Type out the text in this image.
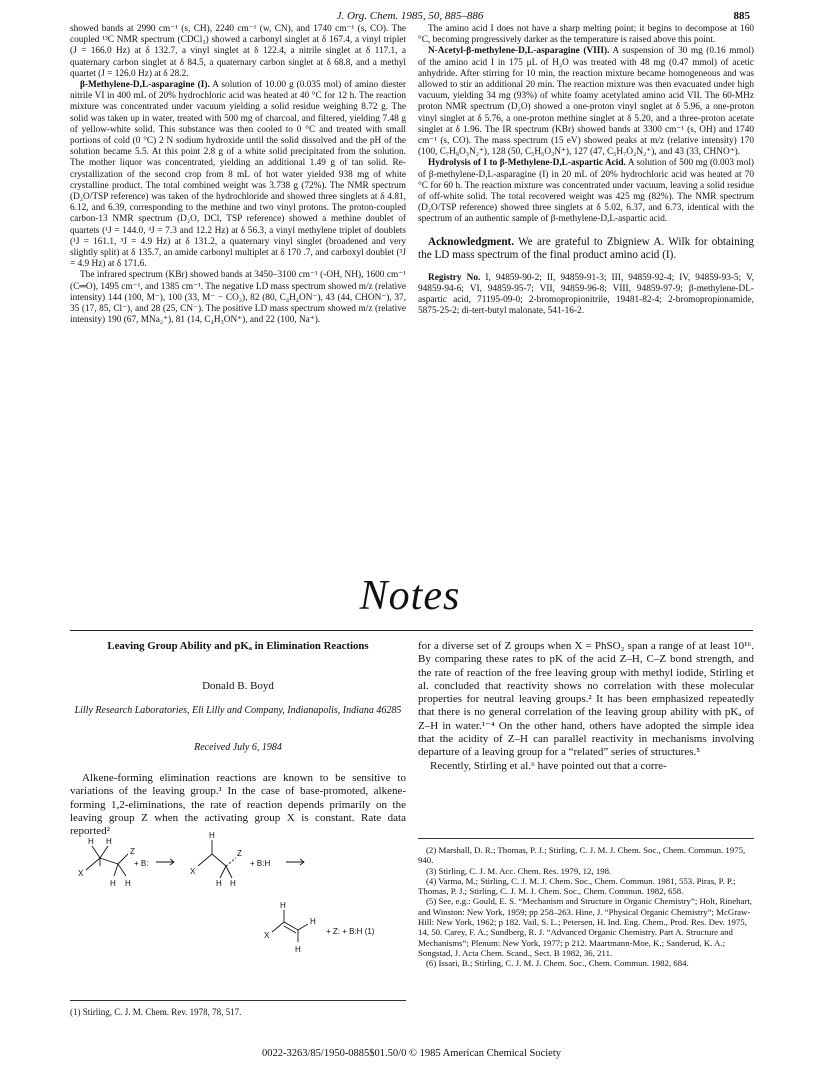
J. Org. Chem. 1985, 50, 885–886	885

showed bands at 2990 cm⁻¹ (s, CH), 2240 cm⁻¹ (w, CN), and 1740 cm⁻¹ (s, CO). The coupled ¹³C NMR spectrum (CDCl₃) showed a carbonyl singlet at δ 167.4, a vinyl triplet (J = 166.0 Hz) at δ 132.7, a vinyl singlet at δ 122.4, a nitrile singlet at δ 117.1, a quaternary carbon singlet at δ 84.5, a quaternary carbon singlet at δ 68.8, and a methyl quartet (J = 126.0 Hz) at δ 28.2.

β-Methylene-D,L-asparagine (I). A solution of 10.00 g (0.035 mol) of amino diester nitrile VI in 400 mL of 20% hydrochloric acid was heated at 40 °C for 12 h. The reaction mixture was concentrated under vacuum yielding a solid residue weighing 8.72 g. The solid was taken up in water, treated with 500 mg of charcoal, and filtered, yielding 7.48 g of yellow-white solid. This substance was then cooled to 0 °C and treated with small portions of cold (0 °C) 2 N sodium hydroxide until the solid dissolved and the pH of the solution became 5.5. At this point 2.8 g of a white solid precipitated from the solution. The mother liquor was concentrated, yielding an additional 1.49 g of tan solid. Re-crystallization of the second crop from 8 mL of hot water yielded 938 mg of white crystalline product. The total combined weight was 3.738 g (72%). The NMR spectrum (D₂O/TSP reference) was taken of the hydrochloride and showed three singlets at δ 4.81, 6.12, and 6.39, corresponding to the methine and two vinyl protons. The proton-coupled carbon-13 NMR spectrum (D₂O, DCl, TSP reference) showed a methine doublet of quartets (¹J = 144.0, ³J = 7.3 and 12.2 Hz) at δ 56.3, a vinyl methylene triplet of doublets (¹J = 161.1, ³J = 4.9 Hz) at δ 131.2, a quaternary vinyl singlet (broadened and very slightly split) at δ 135.7, an amide carbonyl multiplet at δ 170 .7, and carboxyl doublet (³J = 4.9 Hz) at δ 171.6.

The infrared spectrum (KBr) showed bands at 3450–3100 cm⁻¹ (-OH, NH), 1600 cm⁻¹ (C═O), 1495 cm⁻¹, and 1385 cm⁻¹. The negative LD mass spectrum showed m/z (relative intensity) 144 (100, M⁻), 100 (33, M⁻ − CO₂), 82 (80, C₄H₄ON⁻), 43 (44, CHON⁻), 37, 35 (17, 85, Cl⁻), and 28 (25, CN⁻). The positive LD mass spectrum showed m/z (relative intensity) 190 (67, MNa₂⁺), 81 (14, C₄H₃ON⁺), and 22 (100, Na⁺).

The amino acid I does not have a sharp melting point; it begins to decompose at 160 °C, becoming progressively darker as the temperature is raised above this point.

N-Acetyl-β-methylene-D,L-asparagine (VIII). A suspension of 30 mg (0.16 mmol) of the amino acid I in 175 μL of H₂O was treated with 48 mg (0.47 mmol) of acetic anhydride. After stirring for 10 min, the reaction mixture became homogeneous and was allowed to stir an additional 20 min. The reaction mixture was then evacuated under high vacuum, yielding 34 mg (93%) of white foamy acetylated amino acid VII. The 60-MHz proton NMR spectrum (D₂O) showed a one-proton vinyl snglet at δ 5.96, a one-proton vinyl singlet at δ 5.76, a one-proton methine singlet at δ 5.20, and a three-proton acetate singlet at δ 1.96. The IR spectrum (KBr) showed bands at 3300 cm⁻¹ (s, OH) and 1740 cm⁻¹ (s, CO). The mass spectrum (15 eV) showed peaks at m/z (relative intensity) 170 (100, C₇H₈O₃N₂⁺), 128 (50, C₅H₆O₃N⁺), 127 (47, C₅H₇O₂N₂⁺), and 43 (33, CHNO⁺).

Hydrolysis of I to β-Methylene-D,L-aspartic Acid. A solution of 500 mg (0.003 mol) of β-methylene-D,L-asparagine (I) in 20 mL of 20% hydrochloric acid was heated at 70 °C for 60 h. The reaction mixture was concentrated under vacuum, leaving a solid residue of off-white solid. The total recovered weight was 425 mg (82%). The NMR spectrum (D₂O/TSP reference) showed three singlets at δ 5.02, 6.37, and 6.73, identical with the spectrum of an authentic sample of β-methylene-D,L-aspartic acid.

Acknowledgment. We are grateful to Zbigniew A. Wilk for obtaining the LD mass spectrum of the final product amino acid (I).

Registry No. I, 94859-90-2; II, 94859-91-3; III, 94859-92-4; IV, 94859-93-5; V, 94859-94-6; VI, 94859-95-7; VII, 94859-96-8; VIII, 94859-97-9; β-methylene-DL-aspartic acid, 71195-09-0; 2-bromopropionitrile, 19481-82-4; 2-bromopropionamide, 5875-25-2; di-tert-butyl malonate, 541-16-2.

Notes
Leaving Group Ability and pKₐ in Elimination Reactions
Donald B. Boyd
Lilly Research Laboratories, Eli Lilly and Company, Indianapolis, Indiana 46285
Received July 6, 1984

Alkene-forming elimination reactions are known to be sensitive to variations of the leaving group.¹ In the case of base-promoted, alkene-forming 1,2-eliminations, the rate of reaction depends primarily on the leaving group Z when the activating group X is constant. Rate data reported²

H H
Z
X
H H
+ B:
H
Z
X
H H
+ B:H
H
H
X
H
+ Z: + B:H (1)
(1) Stirling, C. J. M. Chem. Rev. 1978, 78, 517.

for a diverse set of Z groups when X = PhSO₂ span a range of at least 10¹⁶. By comparing these rates to pK of the acid Z–H, C–Z bond strength, and the rate of reaction of the free leaving group with methyl iodide, Stirling et al. concluded that reactivity shows no correlation with these molecular properties for neutral leaving groups.² It has been emphasized repeatedly that there is no general correlation of the leaving group ability with pKₐ of Z–H in water.¹⁻⁴ On the other hand, others have adopted the simple idea that the acidity of Z–H can parallel reactivity in mechanisms involving departure of a leaving group for a “related” series of structures.⁵

Recently, Stirling et al.⁶ have pointed out that a corre-

(2) Marshall, D. R.; Thomas, P. J.; Stirling, C. J. M. J. Chem. Soc., Chem. Commun. 1975, 940.

(3) Stirling, C. J. M. Acc. Chem. Res. 1979, 12, 198.

(4) Varma, M.; Stirling, C. J. M. J. Chem. Soc., Chem. Commun. 1981, 553. Piras, P. P.; Thomas, P. J.; Stirling, C. J. M. J. Chem. Soc., Chem. Commun. 1982, 658.

(5) See, e.g.: Gould, E. S. “Mechanism and Structure in Organic Chemistry”; Holt, Rinehart, and Winston: New York, 1959; pp 258–263. Hine, J. “Physical Organic Chemistry”; McGraw-Hill: New York, 1962; p 182. Vail, S. L.; Petersen, H. Ind. Eng. Chem., Prod. Res. Dev. 1975, 14, 50. Carey, F. A.; Sundberg, R. J. “Advanced Organic Chemistry. Part A. Structure and Mechanisms”; Plenum: New York, 1977; p 212. Maartmann-Moe, K.; Sanderud, K. A.; Songstad, J. Acta Chem. Scand., Sect. B 1982, 36, 211.

(6) Issari, B.; Stirling, C. J. M. J. Chem. Soc., Chem. Commun. 1982, 684.

0022-3263/85/1950-0885$01.50/0 © 1985 American Chemical Society
